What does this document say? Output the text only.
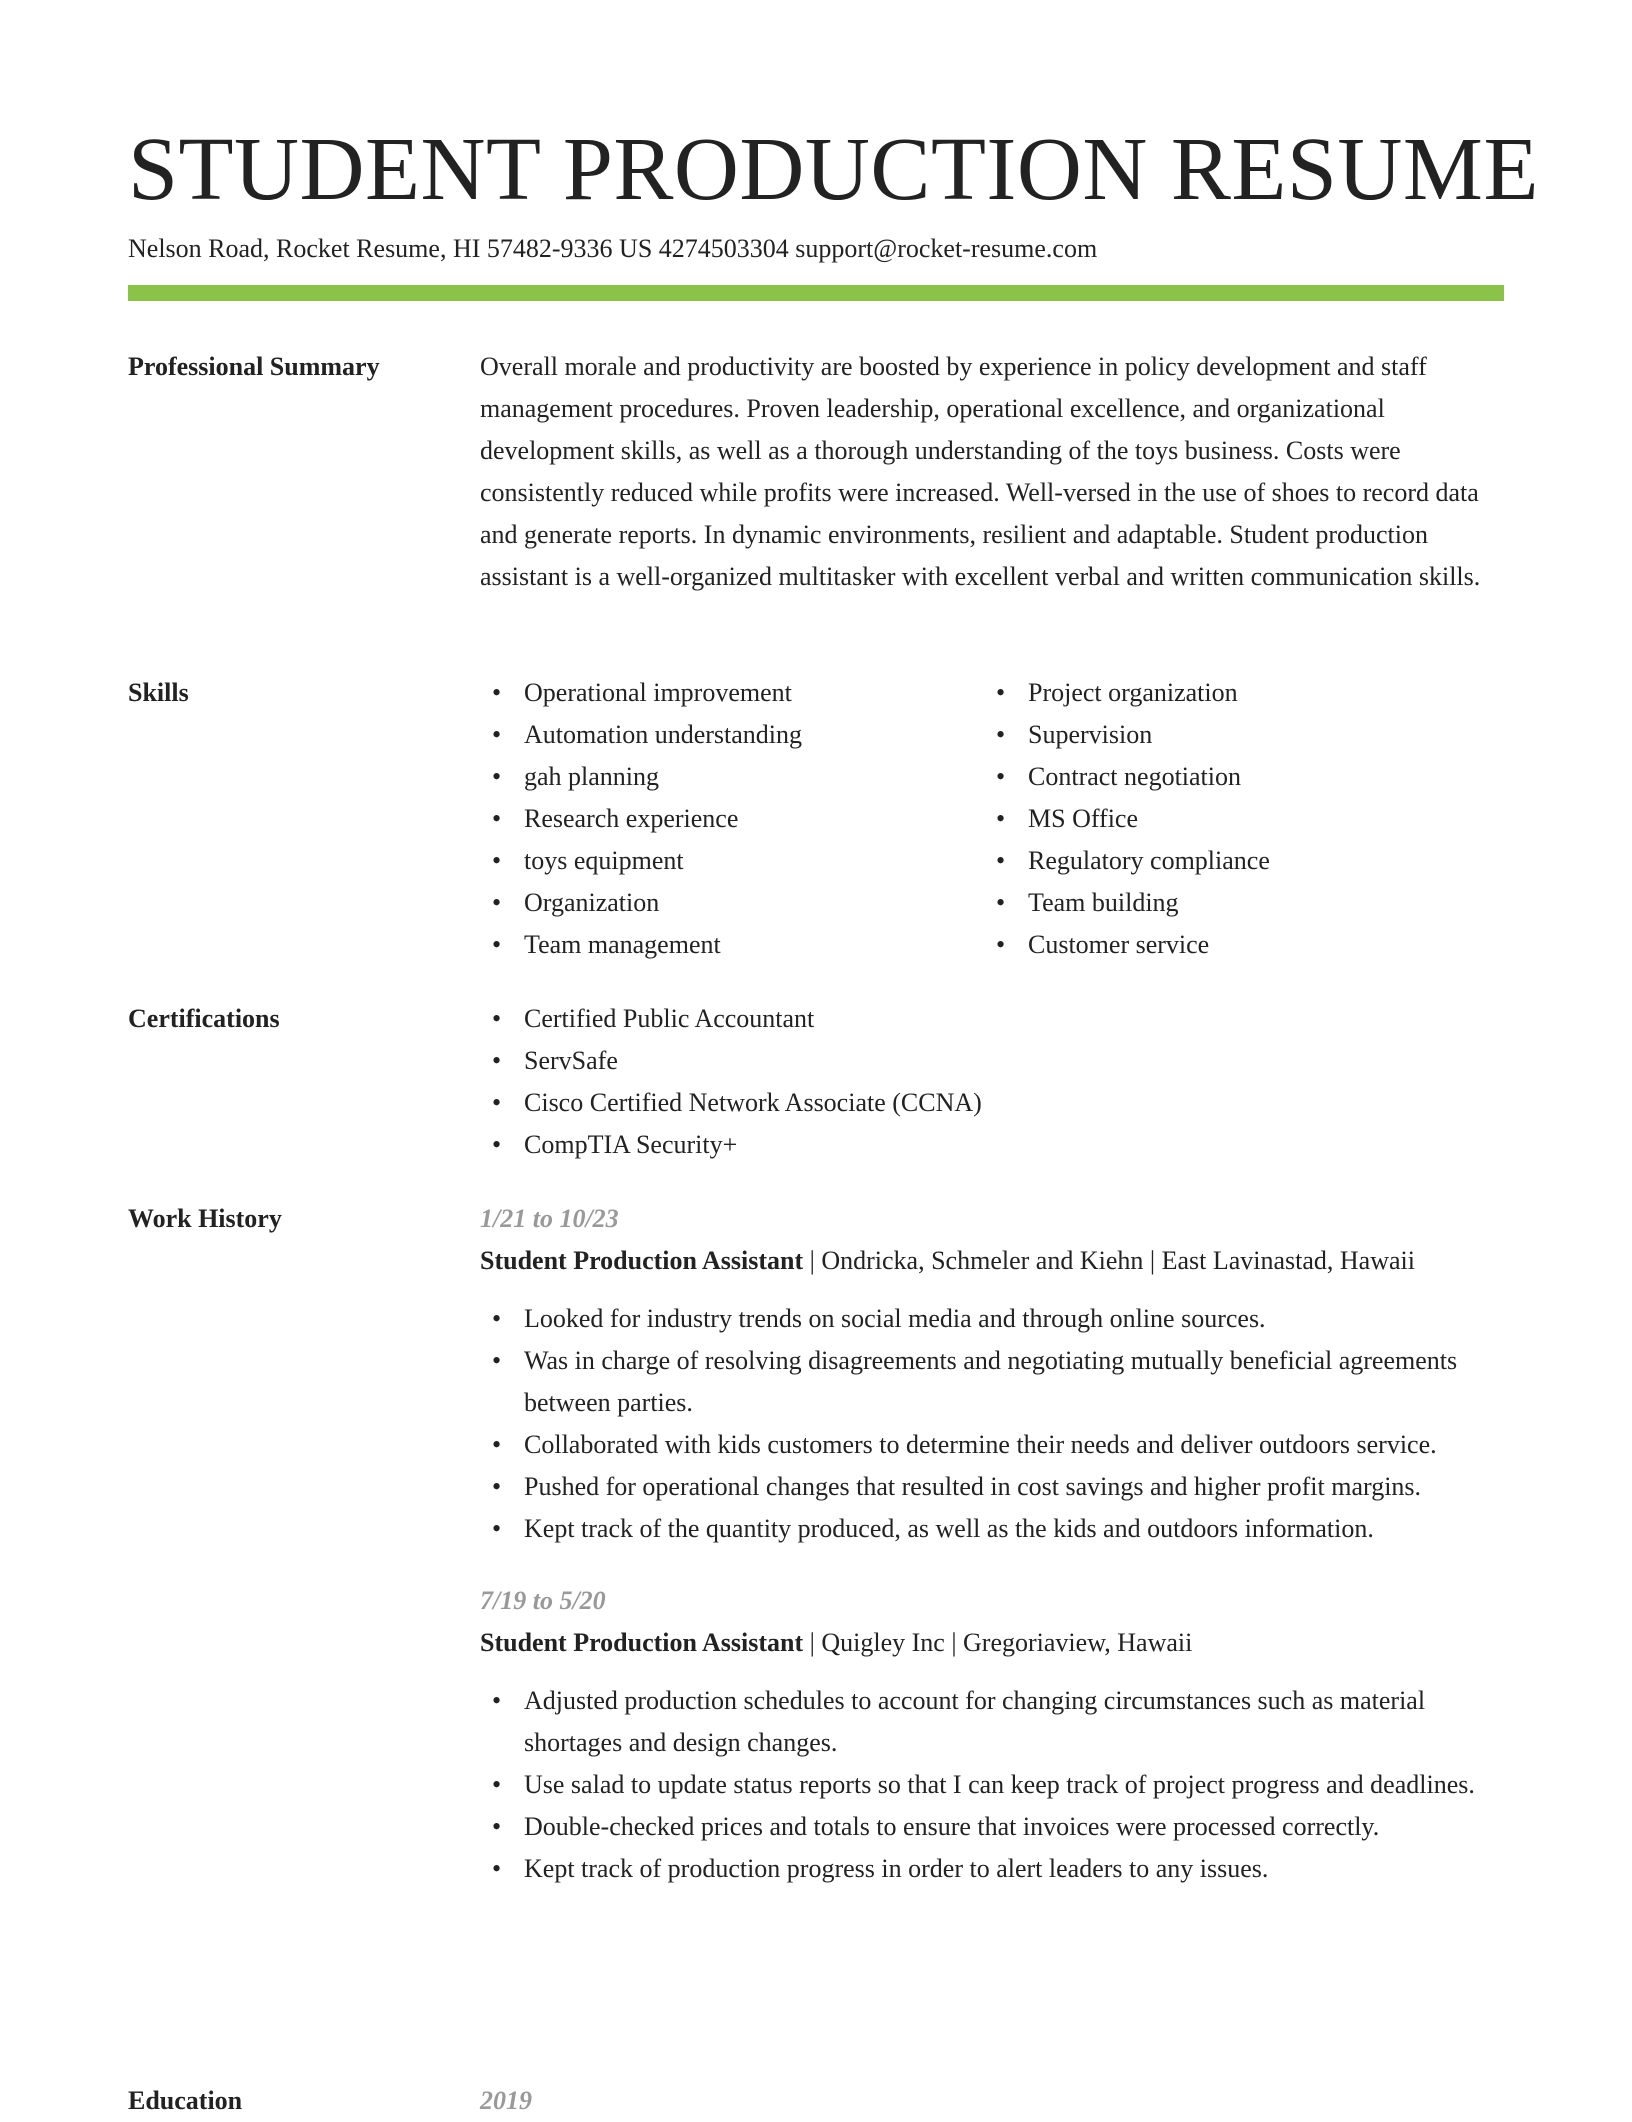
STUDENT PRODUCTION RESUME
Nelson Road, Rocket Resume, HI 57482-9336 US 4274503304 support@rocket-resume.com
Professional Summary	Overall morale and productivity are boosted by experience in policy development and staff management procedures. Proven leadership, operational excellence, and organizational development skills, as well as a thorough understanding of the toys business. Costs were consistently reduced while profits were increased. Well-versed in the use of shoes to record data and generate reports. In dynamic environments, resilient and adaptable. Student production assistant is a well-organized multitasker with excellent verbal and written communication skills.

Skills	• Operational improvement
• Automation understanding
• gah planning
• Research experience
• toys equipment
• Organization
• Team management
• Project organization
• Supervision
• Contract negotiation
• MS Office
• Regulatory compliance
• Team building
• Customer service
Certifications	• Certified Public Accountant
• ServSafe
• Cisco Certified Network Associate (CCNA)
• CompTIA Security+
Work History	1/21 to 10/23
Student Production Assistant | Ondricka, Schmeler and Kiehn | East Lavinastad, Hawaii
• Looked for industry trends on social media and through online sources.
• Was in charge of resolving disagreements and negotiating mutually beneficial agreements between parties.
• Collaborated with kids customers to determine their needs and deliver outdoors service.
• Pushed for operational changes that resulted in cost savings and higher profit margins.
• Kept track of the quantity produced, as well as the kids and outdoors information.
7/19 to 5/20
Student Production Assistant | Quigley Inc | Gregoriaview, Hawaii
• Adjusted production schedules to account for changing circumstances such as material shortages and design changes.
• Use salad to update status reports so that I can keep track of project progress and deadlines.
• Double-checked prices and totals to ensure that invoices were processed correctly.
• Kept track of production progress in order to alert leaders to any issues.
Education	2019
